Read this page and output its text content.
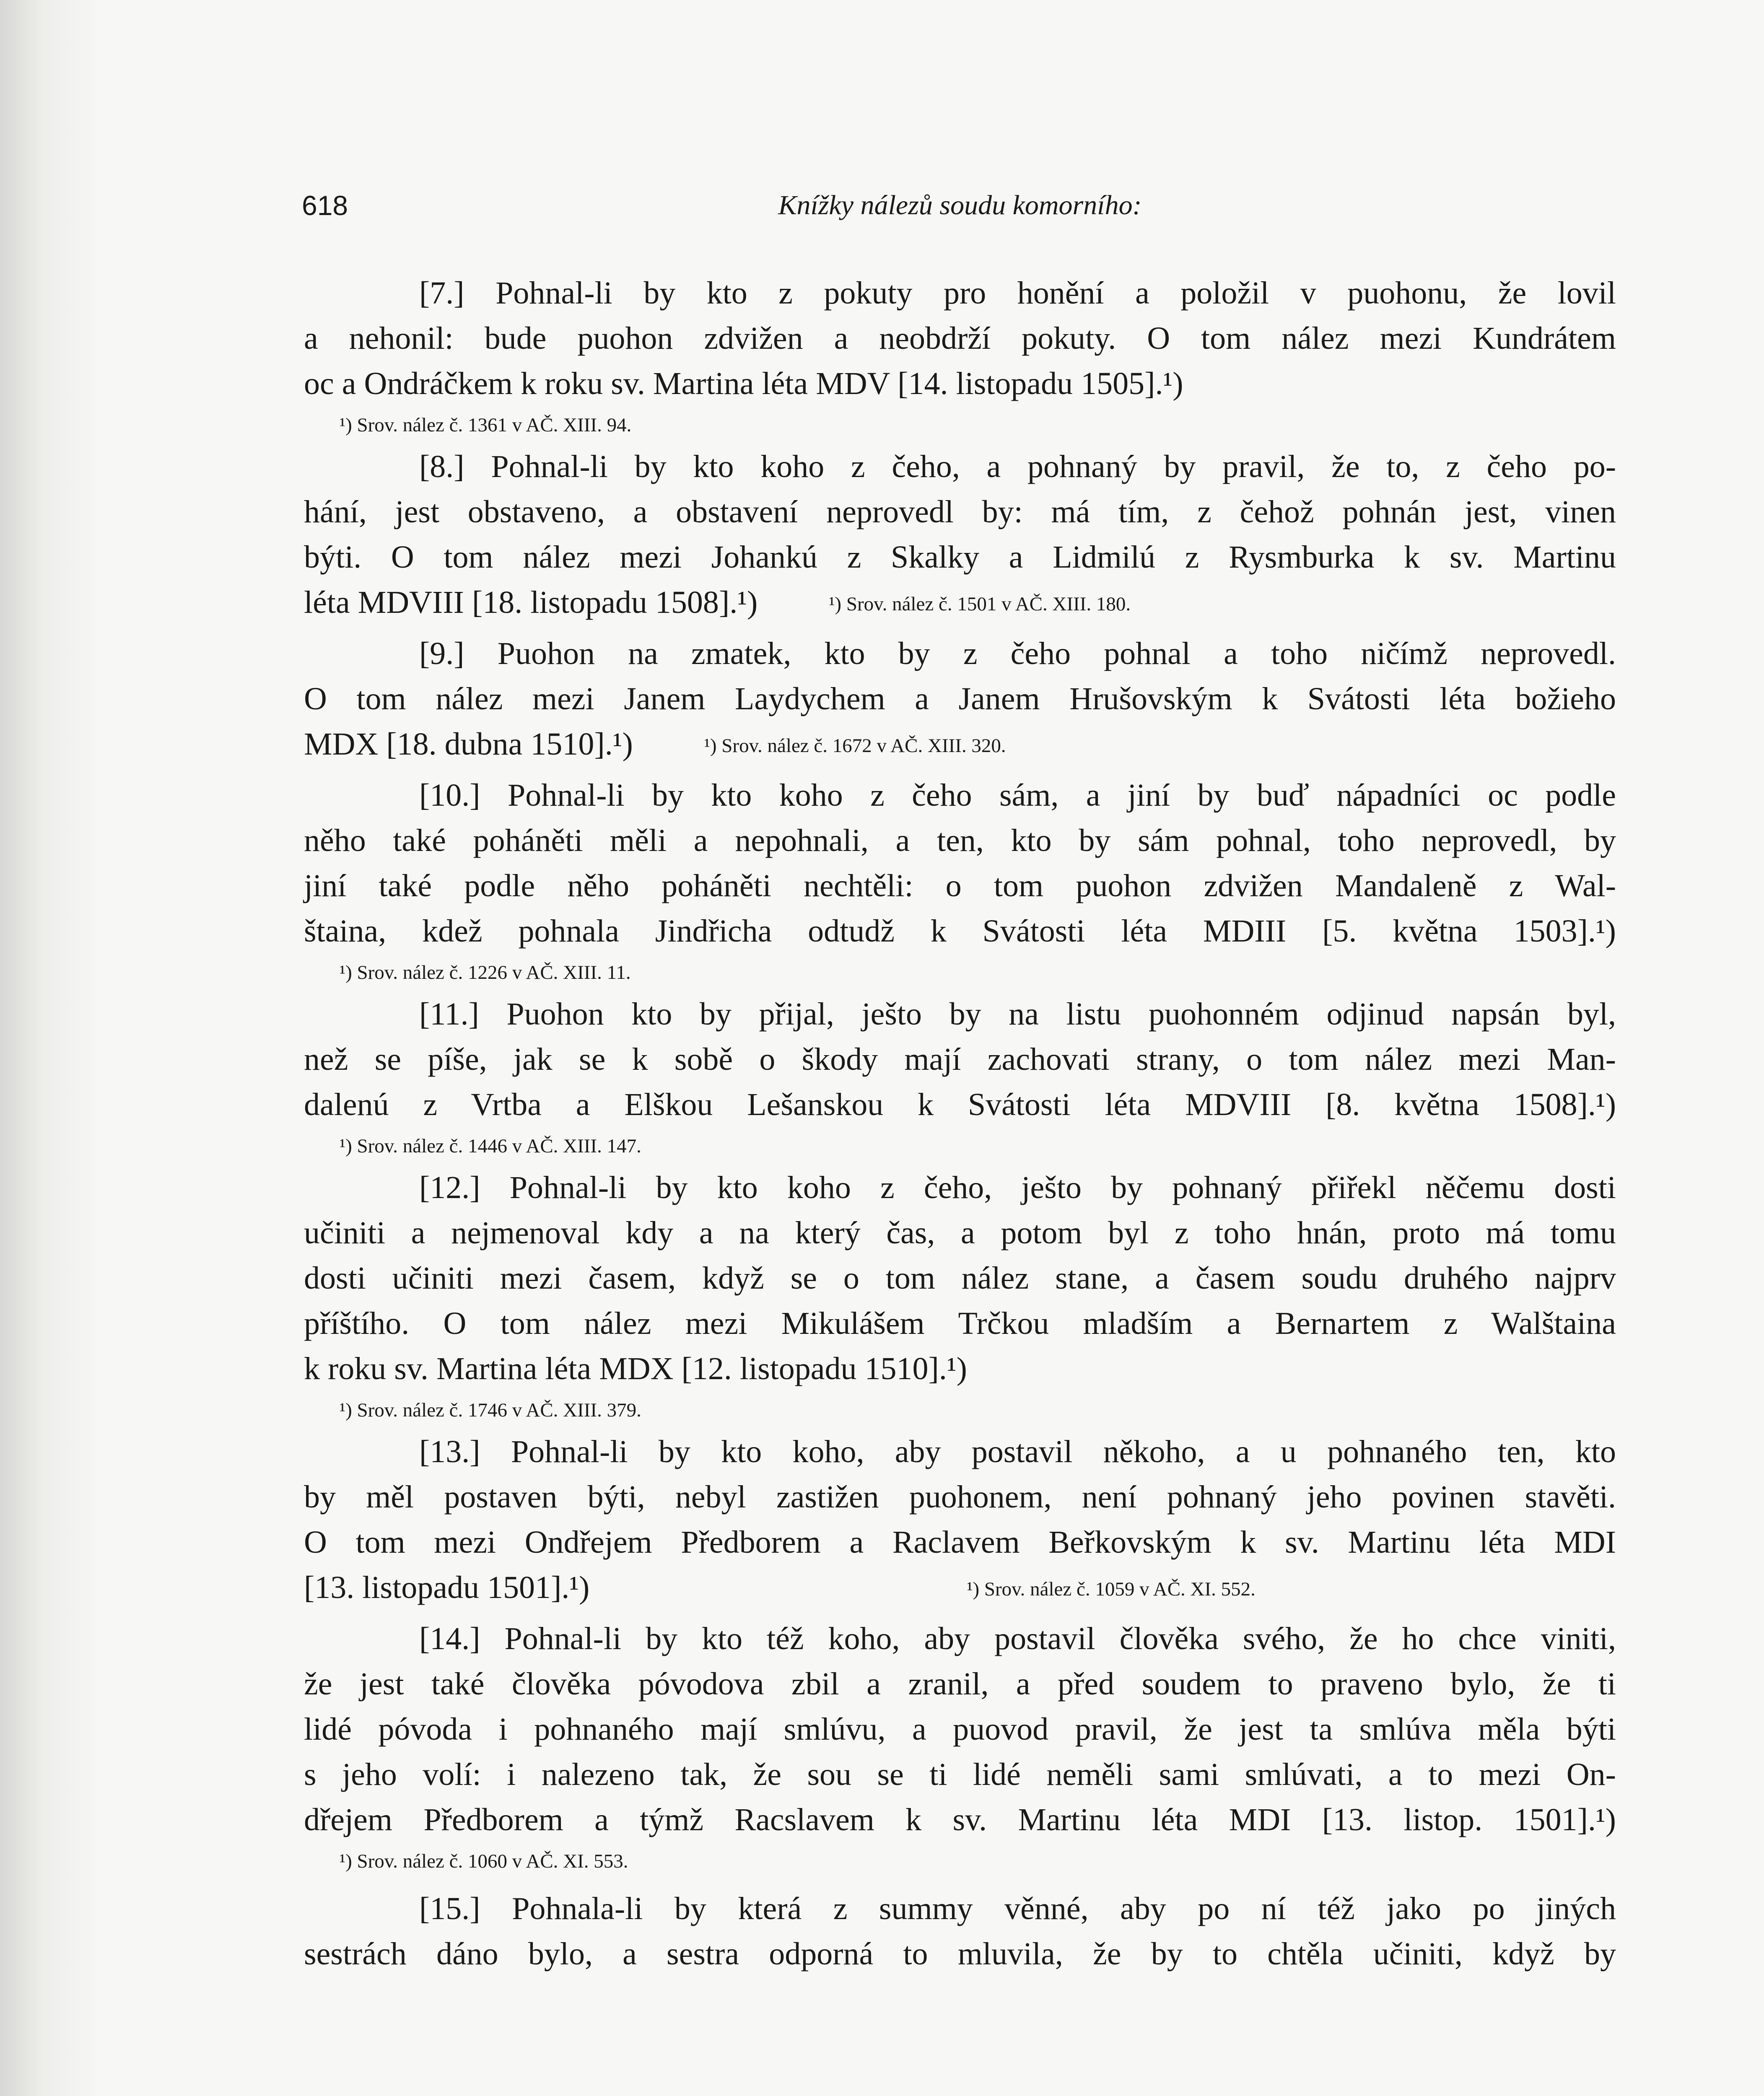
618	Knížky nálezů soudu komorního:
[7.] Pohnal-li by kto z pokuty pro honění a položil v puohonu, že lovil
a nehonil: bude puohon zdvižen a neobdrží pokuty. O tom nález mezi Kundrátem
oc a Ondráčkem k roku sv. Martina léta MDV [14. listopadu 1505].¹)
¹) Srov. nález č. 1361 v AČ. XIII. 94.
[8.] Pohnal-li by kto koho z čeho, a pohnaný by pravil, že to, z čeho po-
hání, jest obstaveno, a obstavení neprovedl by: má tím, z čehož pohnán jest, vinen
býti. O tom nález mezi Johankú z Skalky a Lidmilú z Rysmburka k sv. Martinu
léta MDVIII [18. listopadu 1508].¹)	¹) Srov. nález č. 1501 v AČ. XIII. 180.
[9.] Puohon na zmatek, kto by z čeho pohnal a toho ničímž neprovedl.
O tom nález mezi Janem Laydychem a Janem Hrušovským k Svátosti léta božieho
MDX [18. dubna 1510].¹)	¹) Srov. nález č. 1672 v AČ. XIII. 320.
[10.] Pohnal-li by kto koho z čeho sám, a jiní by buď nápadníci oc podle
něho také poháněti měli a nepohnali, a ten, kto by sám pohnal, toho neprovedl, by
jiní také podle něho poháněti nechtěli: o tom puohon zdvižen Mandaleně z Wal-
štaina, kdež pohnala Jindřicha odtudž k Svátosti léta MDIII [5. května 1503].¹)
¹) Srov. nález č. 1226 v AČ. XIII. 11.
[11.] Puohon kto by přijal, ješto by na listu puohonném odjinud napsán byl,
než se píše, jak se k sobě o škody mají zachovati strany, o tom nález mezi Man-
dalenú z Vrtba a Elškou Lešanskou k Svátosti léta MDVIII [8. května 1508].¹)
¹) Srov. nález č. 1446 v AČ. XIII. 147.
[12.] Pohnal-li by kto koho z čeho, ješto by pohnaný přiřekl něčemu dosti
učiniti a nejmenoval kdy a na který čas, a potom byl z toho hnán, proto má tomu
dosti učiniti mezi časem, když se o tom nález stane, a časem soudu druhého najprv
příštího. O tom nález mezi Mikulášem Trčkou mladším a Bernartem z Walštaina
k roku sv. Martina léta MDX [12. listopadu 1510].¹)
¹) Srov. nález č. 1746 v AČ. XIII. 379.
[13.] Pohnal-li by kto koho, aby postavil někoho, a u pohnaného ten, kto
by měl postaven býti, nebyl zastižen puohonem, není pohnaný jeho povinen stavěti.
O tom mezi Ondřejem Předborem a Raclavem Beřkovským k sv. Martinu léta MDI
[13. listopadu 1501].¹)	¹) Srov. nález č. 1059 v AČ. XI. 552.
[14.] Pohnal-li by kto též koho, aby postavil člověka svého, že ho chce viniti,
že jest také člověka póvodova zbil a zranil, a před soudem to praveno bylo, že ti
lidé póvoda i pohnaného mají smlúvu, a puovod pravil, že jest ta smlúva měla býti
s jeho volí: i nalezeno tak, že sou se ti lidé neměli sami smlúvati, a to mezi On-
dřejem Předborem a týmž Racslavem k sv. Martinu léta MDI [13. listop. 1501].¹)
¹) Srov. nález č. 1060 v AČ. XI. 553.
[15.] Pohnala-li by která z summy věnné, aby po ní též jako po jiných
sestrách dáno bylo, a sestra odporná to mluvila, že by to chtěla učiniti, když by
